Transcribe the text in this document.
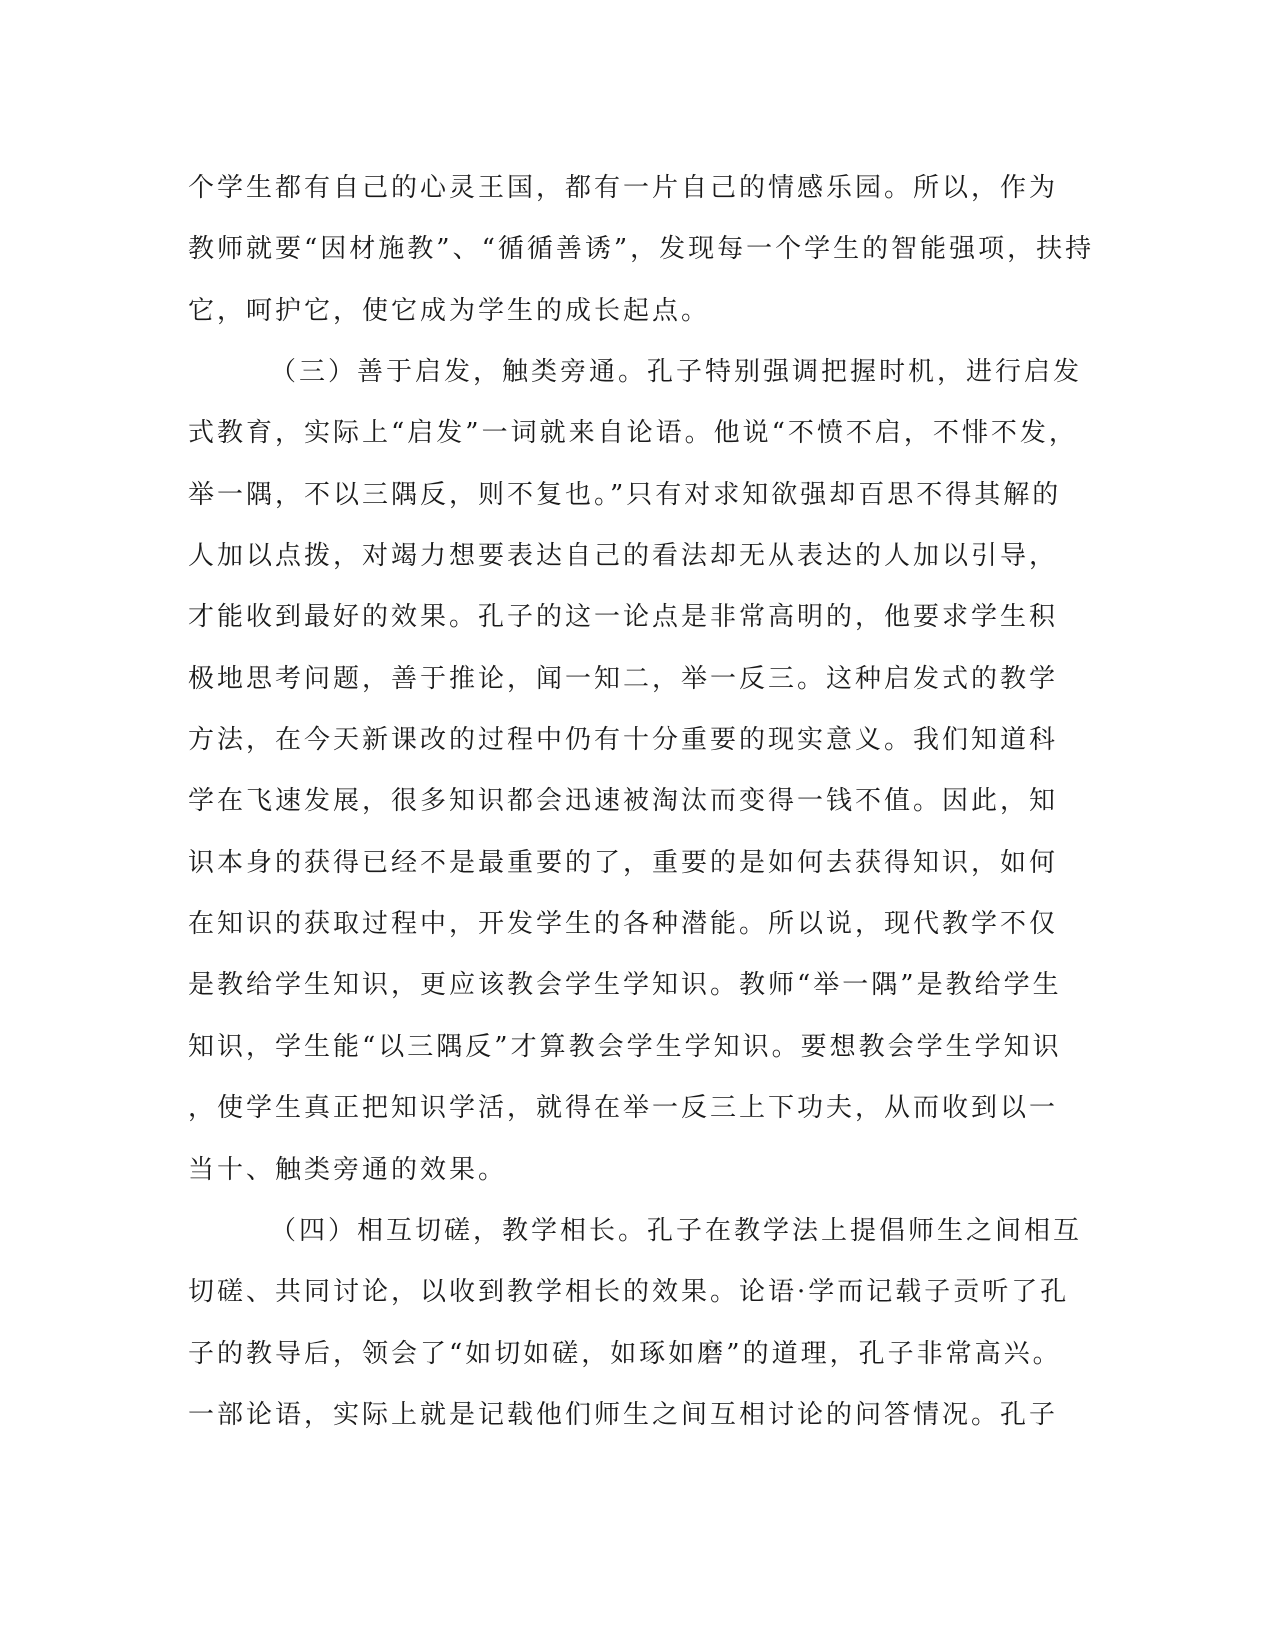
个学生都有自己的心灵王国，都有一片自己的情感乐园。所以，作为
教师就要“因材施教”、“循循善诱”，发现每一个学生的智能强项，扶持
它，呵护它，使它成为学生的成长起点。
（三）善于启发，触类旁通。孔子特别强调把握时机，进行启发
式教育，实际上“启发”一词就来自论语。他说“不愤不启，不悱不发，
举一隅，不以三隅反，则不复也。”只有对求知欲强却百思不得其解的
人加以点拨，对竭力想要表达自己的看法却无从表达的人加以引导，
才能收到最好的效果。孔子的这一论点是非常高明的，他要求学生积
极地思考问题，善于推论，闻一知二，举一反三。这种启发式的教学
方法，在今天新课改的过程中仍有十分重要的现实意义。我们知道科
学在飞速发展，很多知识都会迅速被淘汰而变得一钱不值。因此，知
识本身的获得已经不是最重要的了，重要的是如何去获得知识，如何
在知识的获取过程中，开发学生的各种潜能。所以说，现代教学不仅
是教给学生知识，更应该教会学生学知识。教师“举一隅”是教给学生
知识，学生能“以三隅反”才算教会学生学知识。要想教会学生学知识
，使学生真正把知识学活，就得在举一反三上下功夫，从而收到以一
当十、触类旁通的效果。
（四）相互切磋，教学相长。孔子在教学法上提倡师生之间相互
切磋、共同讨论，以收到教学相长的效果。论语·学而记载子贡听了孔
子的教导后，领会了“如切如磋，如琢如磨”的道理，孔子非常高兴。
一部论语，实际上就是记载他们师生之间互相讨论的问答情况。孔子
